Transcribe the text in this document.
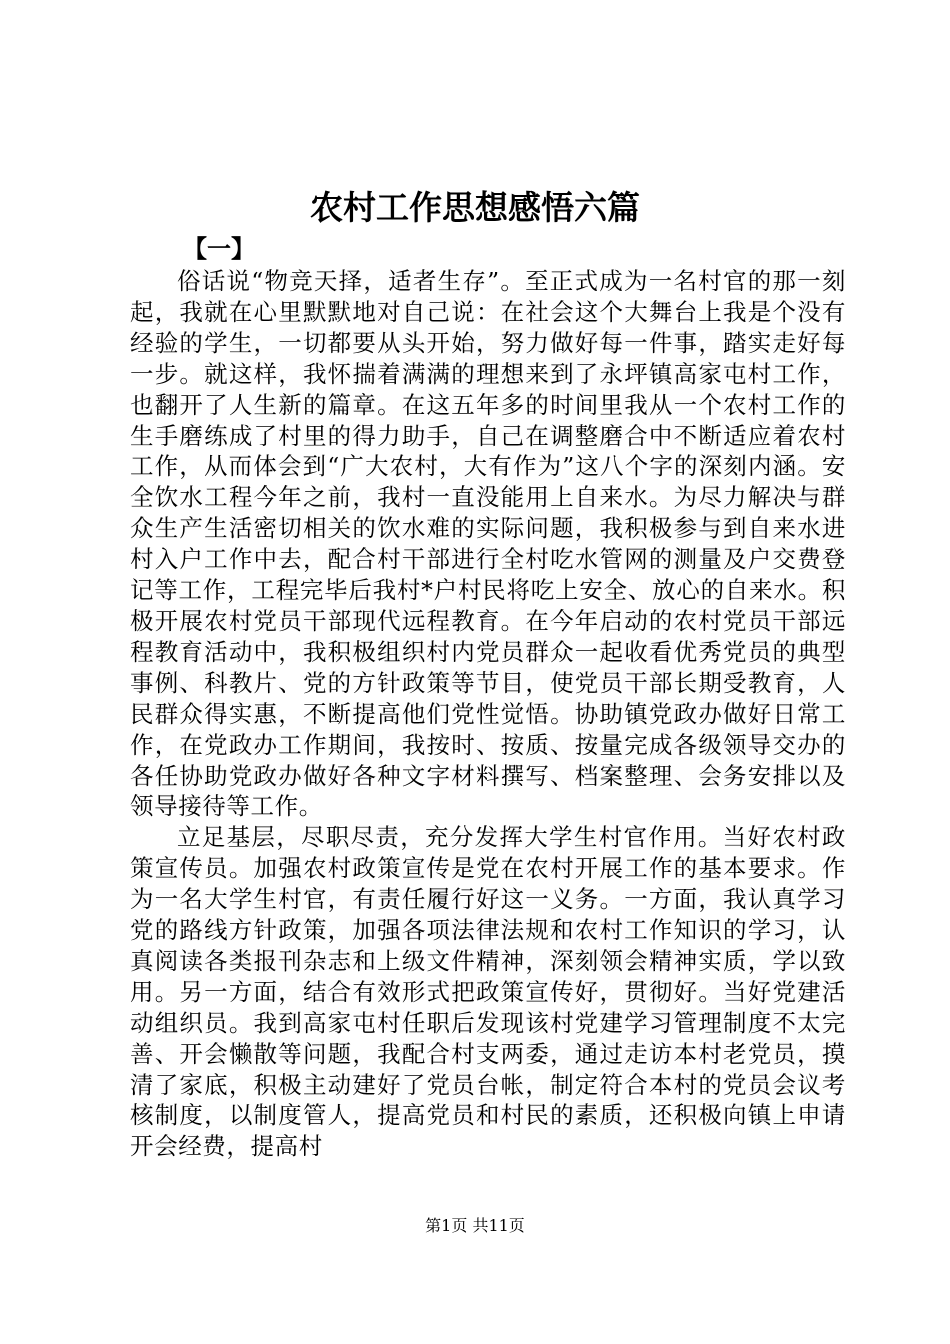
农村工作思想感悟六篇
【一】

俗话说“物竞天择，适者生存”。至正式成为一名村官的那一刻起，我就在心里默默地对自己说：在社会这个大舞台上我是个没有经验的学生，一切都要从头开始，努力做好每一件事，踏实走好每一步。就这样，我怀揣着满满的理想来到了永坪镇高家屯村工作，也翻开了人生新的篇章。在这五年多的时间里我从一个农村工作的生手磨练成了村里的得力助手，自己在调整磨合中不断适应着农村工作，从而体会到“广大农村，大有作为”这八个字的深刻内涵。安全饮水工程今年之前，我村一直没能用上自来水。为尽力解决与群众生产生活密切相关的饮水难的实际问题，我积极参与到自来水进村入户工作中去，配合村干部进行全村吃水管网的测量及户交费登记等工作，工程完毕后我村*户村民将吃上安全、放心的自来水。积极开展农村党员干部现代远程教育。在今年启动的农村党员干部远程教育活动中，我积极组织村内党员群众一起收看优秀党员的典型事例、科教片、党的方针政策等节目，使党员干部长期受教育，人民群众得实惠，不断提高他们党性觉悟。协助镇党政办做好日常工作，在党政办工作期间，我按时、按质、按量完成各级领导交办的各任协助党政办做好各种文字材料撰写、档案整理、会务安排以及领导接待等工作。

立足基层，尽职尽责，充分发挥大学生村官作用。当好农村政策宣传员。加强农村政策宣传是党在农村开展工作的基本要求。作为一名大学生村官，有责任履行好这一义务。一方面，我认真学习党的路线方针政策，加强各项法律法规和农村工作知识的学习，认真阅读各类报刊杂志和上级文件精神，深刻领会精神实质，学以致用。另一方面，结合有效形式把政策宣传好，贯彻好。当好党建活动组织员。我到高家屯村任职后发现该村党建学习管理制度不太完善、开会懒散等问题，我配合村支两委，通过走访本村老党员，摸清了家底，积极主动建好了党员台帐，制定符合本村的党员会议考核制度，以制度管人，提高党员和村民的素质，还积极向镇上申请开会经费，提高村

第1页 共11页
